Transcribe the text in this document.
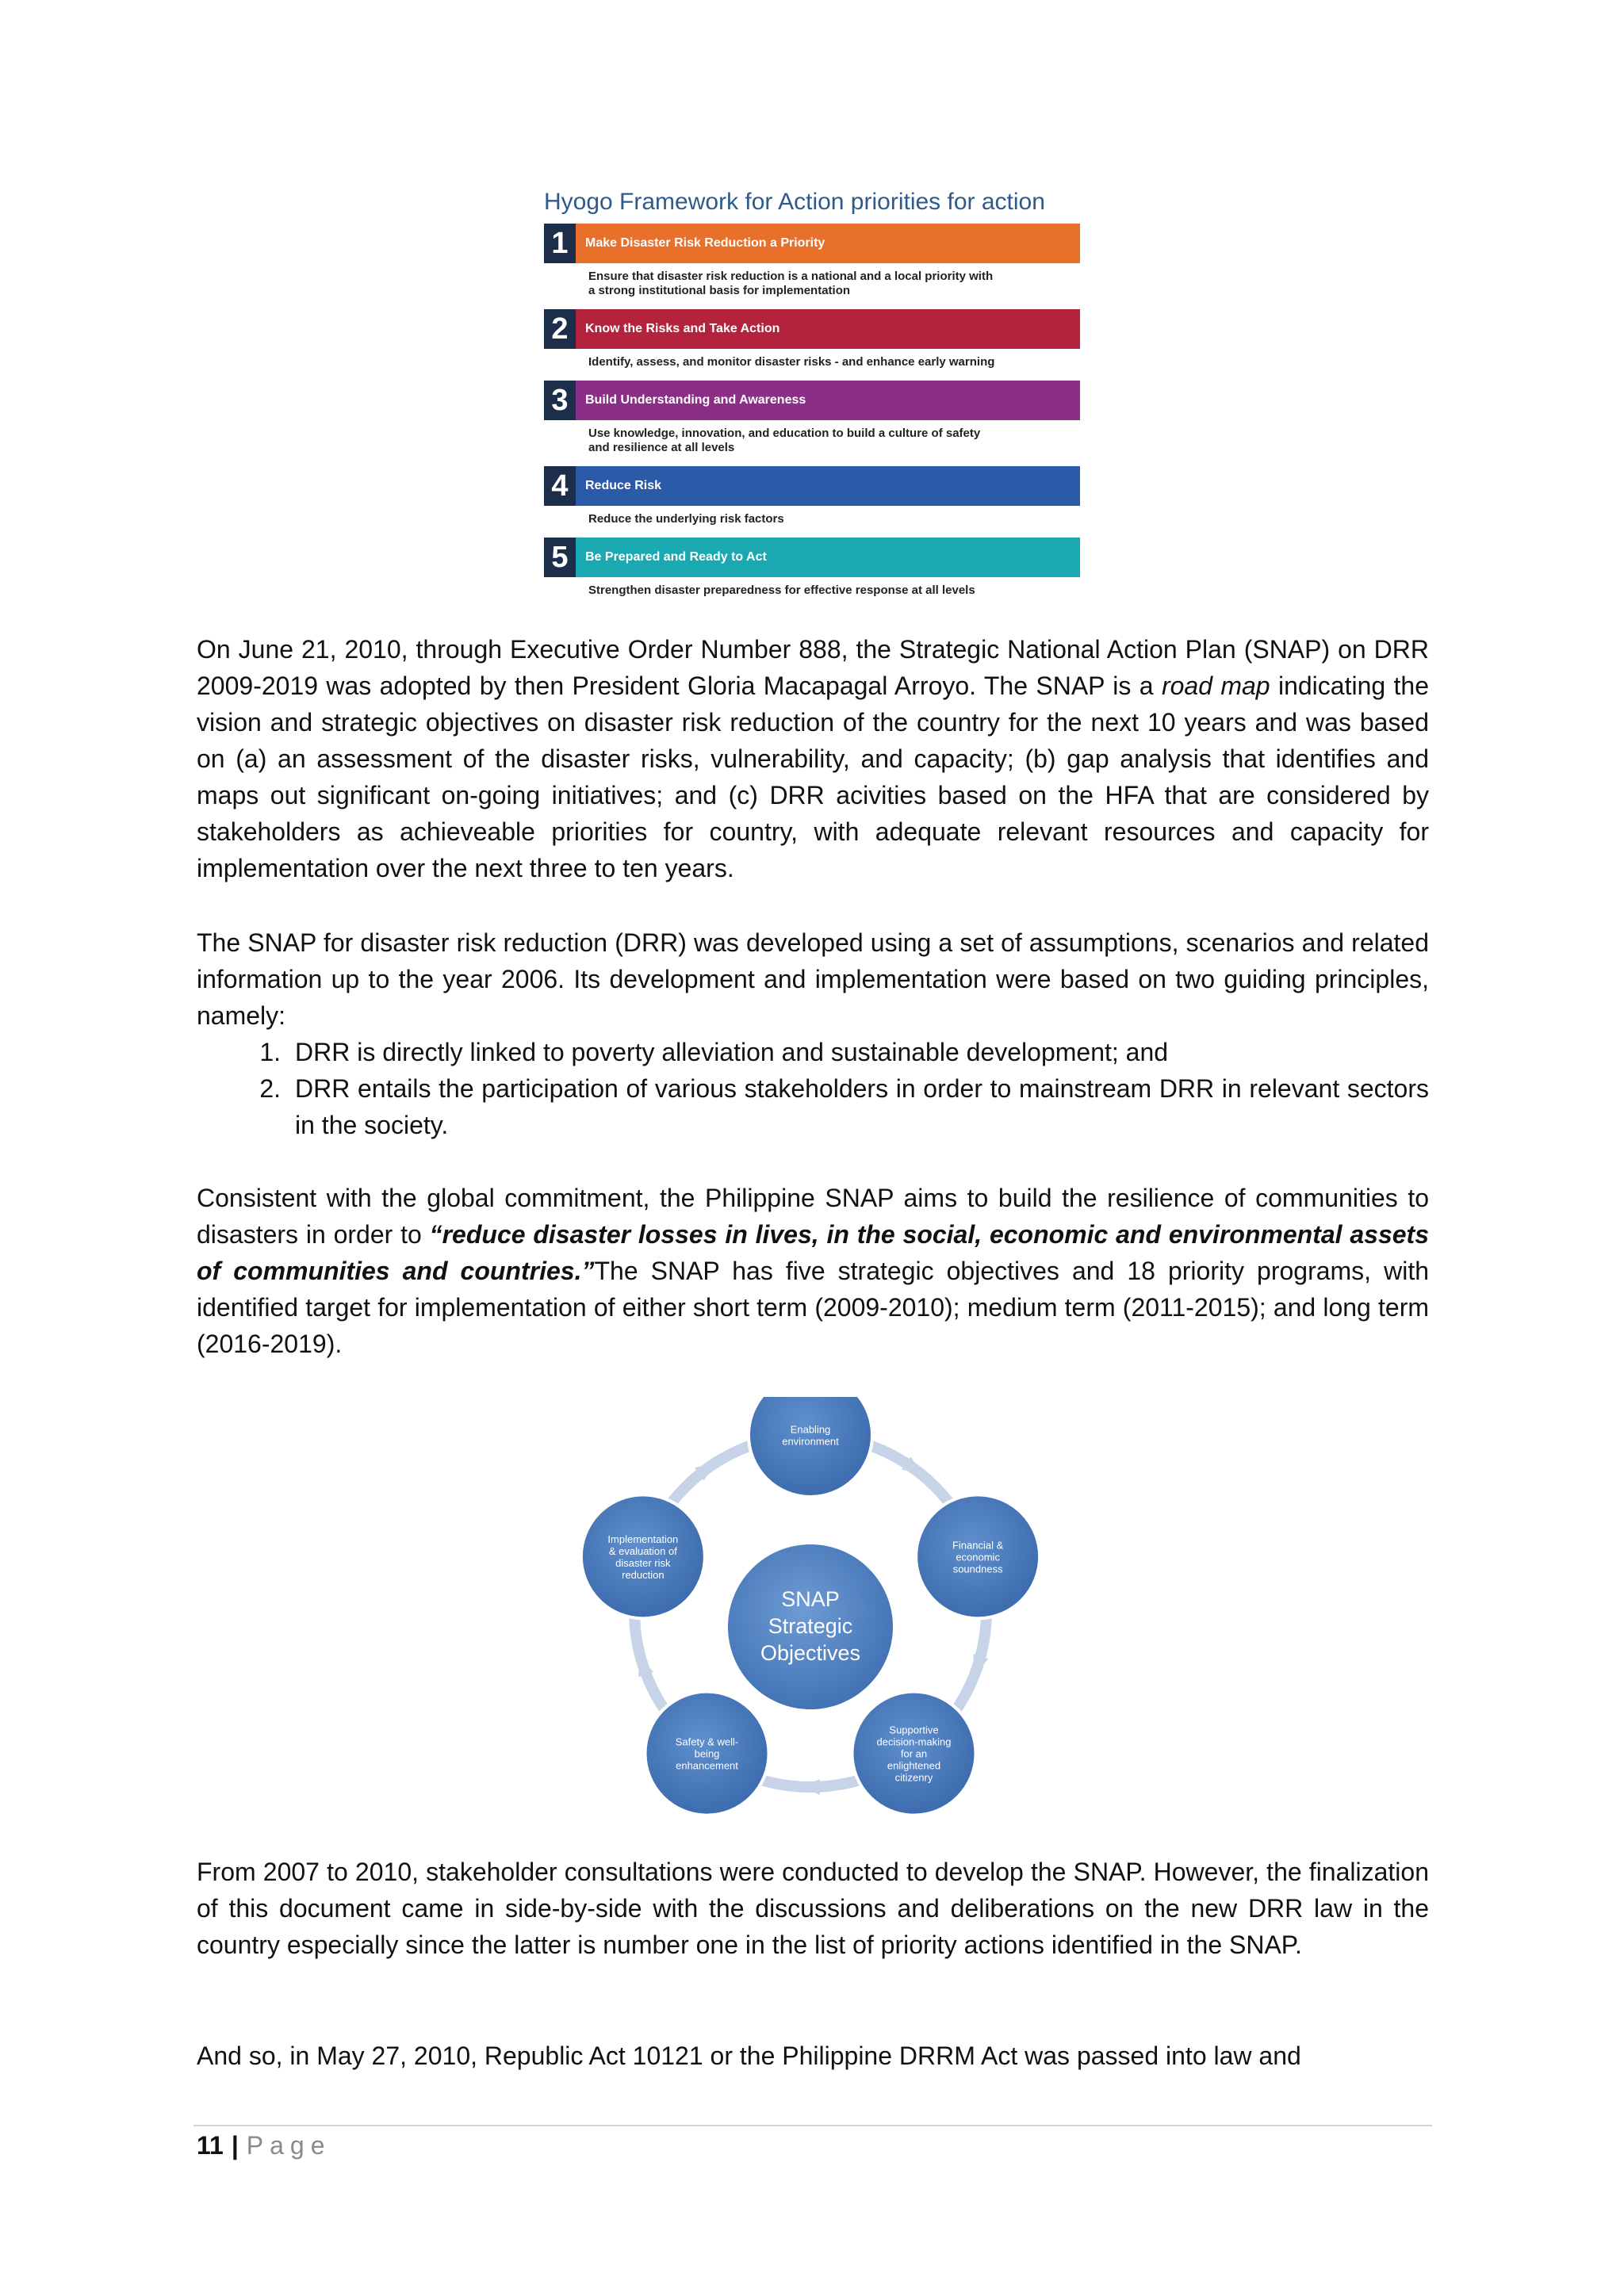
Hyogo Framework for Action priorities for action
1	Make Disaster Risk Reduction a Priority
Ensure that disaster risk reduction is a national and a local priority with
a strong institutional basis for implementation
2	Know the Risks and Take Action
Identify, assess, and monitor disaster risks - and enhance early warning
3	Build Understanding and Awareness
Use knowledge, innovation, and education to build a culture of safety
and resilience at all levels
4	Reduce Risk
Reduce the underlying risk factors
5	Be Prepared and Ready to Act
Strengthen disaster preparedness for effective response at all levels

On June 21, 2010, through Executive Order Number 888, the Strategic National Action Plan (SNAP) on DRR 2009-2019 was adopted by then President Gloria Macapagal Arroyo. The SNAP is a road map indicating the vision and strategic objectives on disaster risk reduction of the country for the next 10 years and was based on (a) an assessment of the disaster risks, vulnerability, and capacity; (b) gap analysis that identifies and maps out significant on-going initiatives; and (c) DRR acivities based on the HFA that are considered by stakeholders as achieveable priorities for country, with adequate relevant resources and capacity for implementation over the next three to ten years.

The SNAP for disaster risk reduction (DRR) was developed using a set of assumptions, scenarios and related information up to the year 2006. Its development and implementation were based on two guiding principles, namely:

1. DRR is directly linked to poverty alleviation and sustainable development; and
2. DRR entails the participation of various stakeholders in order to mainstream DRR in relevant sectors in the society.

Consistent with the global commitment, the Philippine SNAP aims to build the resilience of communities to disasters in order to “reduce disaster losses in lives, in the social, economic and environmental assets of communities and countries.”The SNAP has five strategic objectives and 18 priority programs, with identified target for implementation of either short term (2009-2010); medium term (2011-2015); and long term (2016-2019).

Enabling
environment
Financial &
economic
soundness
Supportive
decision-making
for an
enlightened
citizenry
Safety & well-
being
enhancement
Implementation
& evaluation of
disaster risk
reduction
SNAP
Strategic
Objectives

From 2007 to 2010, stakeholder consultations were conducted to develop the SNAP. However, the finalization of this document came in side-by-side with the discussions and deliberations on the new DRR law in the country especially since the latter is number one in the list of priority actions identified in the SNAP.

And so, in May 27, 2010, Republic Act 10121 or the Philippine DRRM Act was passed into law and

11 | Page
